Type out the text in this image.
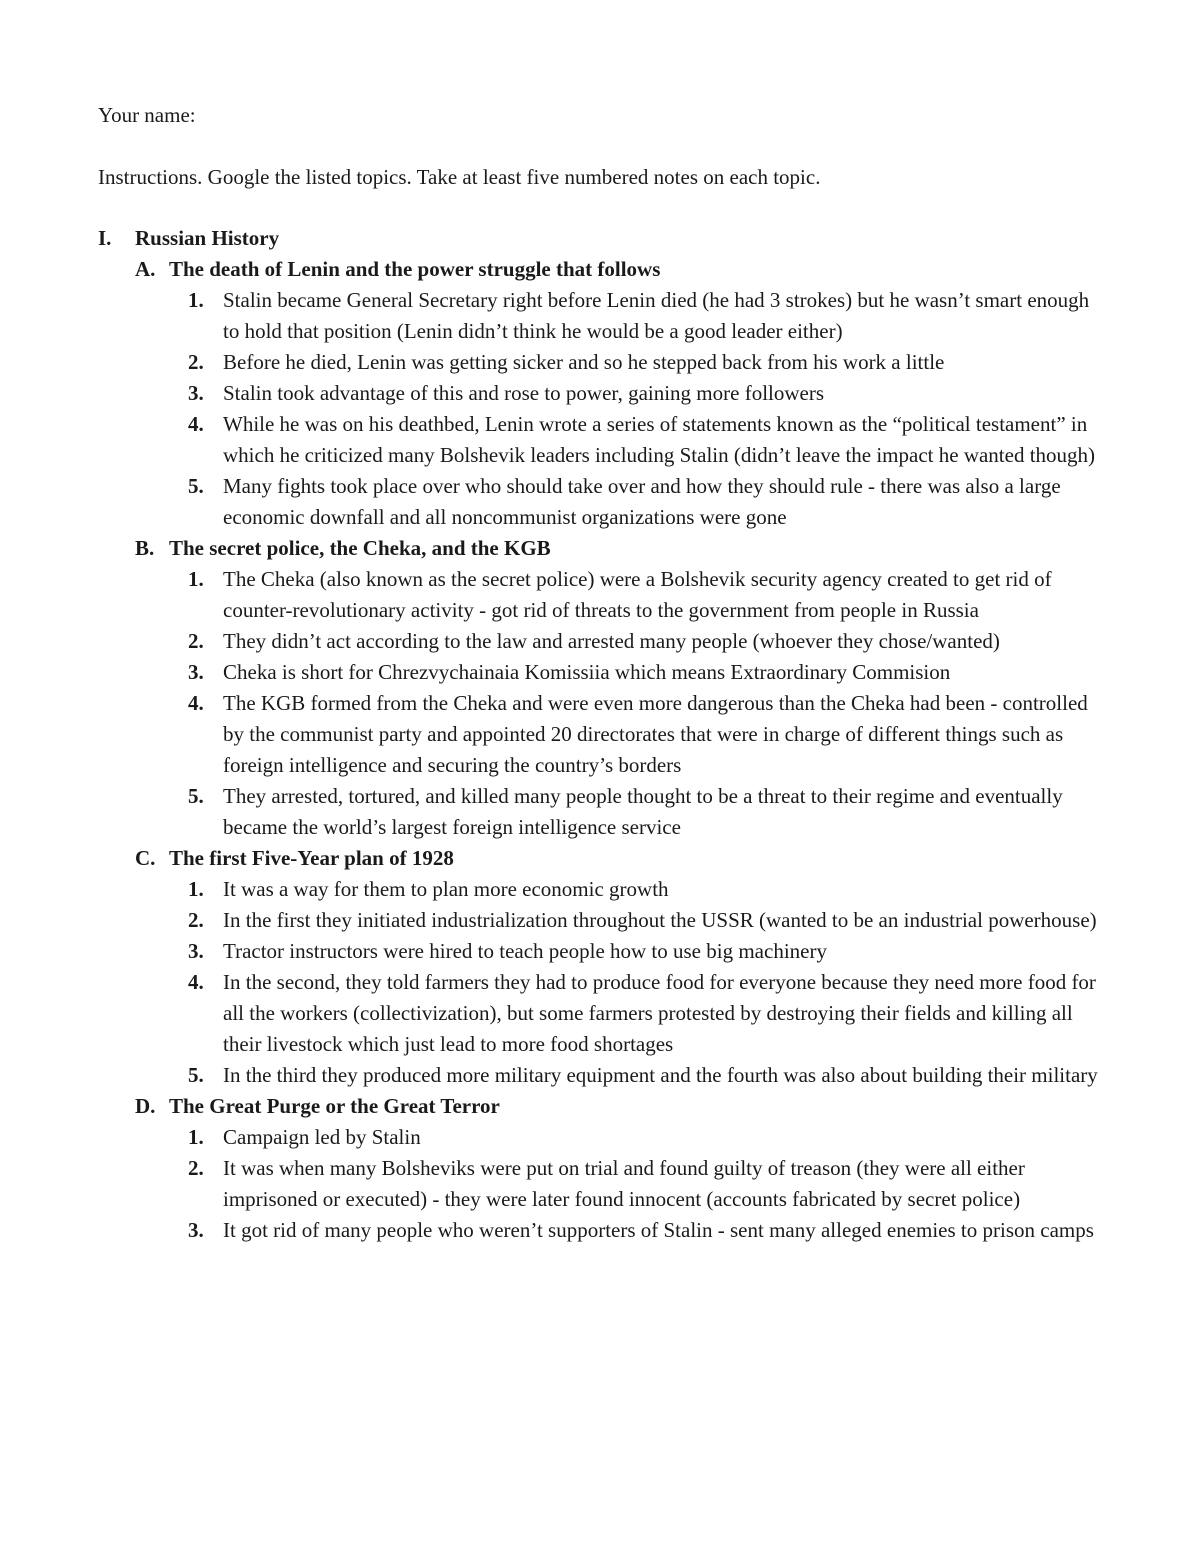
Your name:
Instructions. Google the listed topics. Take at least five numbered notes on each topic.
I.	Russian History
A. The death of Lenin and the power struggle that follows
1. Stalin became General Secretary right before Lenin died (he had 3 strokes) but he wasn’t smart enough to hold that position (Lenin didn’t think he would be a good leader either)
2. Before he died, Lenin was getting sicker and so he stepped back from his work a little
3. Stalin took advantage of this and rose to power, gaining more followers
4. While he was on his deathbed, Lenin wrote a series of statements known as the “political testament” in which he criticized many Bolshevik leaders including Stalin (didn’t leave the impact he wanted though)
5. Many fights took place over who should take over and how they should rule - there was also a large economic downfall and all noncommunist organizations were gone
B. The secret police, the Cheka, and the KGB
1. The Cheka (also known as the secret police) were a Bolshevik security agency created to get rid of counter-revolutionary activity - got rid of threats to the government from people in Russia
2. They didn’t act according to the law and arrested many people (whoever they chose/wanted)
3. Cheka is short for Chrezvychainaia Komissiia which means Extraordinary Commision
4. The KGB formed from the Cheka and were even more dangerous than the Cheka had been - controlled by the communist party and appointed 20 directorates that were in charge of different things such as foreign intelligence and securing the country’s borders
5. They arrested, tortured, and killed many people thought to be a threat to their regime and eventually became the world’s largest foreign intelligence service
C. The first Five-Year plan of 1928
1. It was a way for them to plan more economic growth
2. In the first they initiated industrialization throughout the USSR (wanted to be an industrial powerhouse)
3. Tractor instructors were hired to teach people how to use big machinery
4. In the second, they told farmers they had to produce food for everyone because they need more food for all the workers (collectivization), but some farmers protested by destroying their fields and killing all their livestock which just lead to more food shortages
5. In the third they produced more military equipment and the fourth was also about building their military
D. The Great Purge or the Great Terror
1. Campaign led by Stalin
2. It was when many Bolsheviks were put on trial and found guilty of treason (they were all either imprisoned or executed) - they were later found innocent (accounts fabricated by secret police)
3. It got rid of many people who weren’t supporters of Stalin - sent many alleged enemies to prison camps
